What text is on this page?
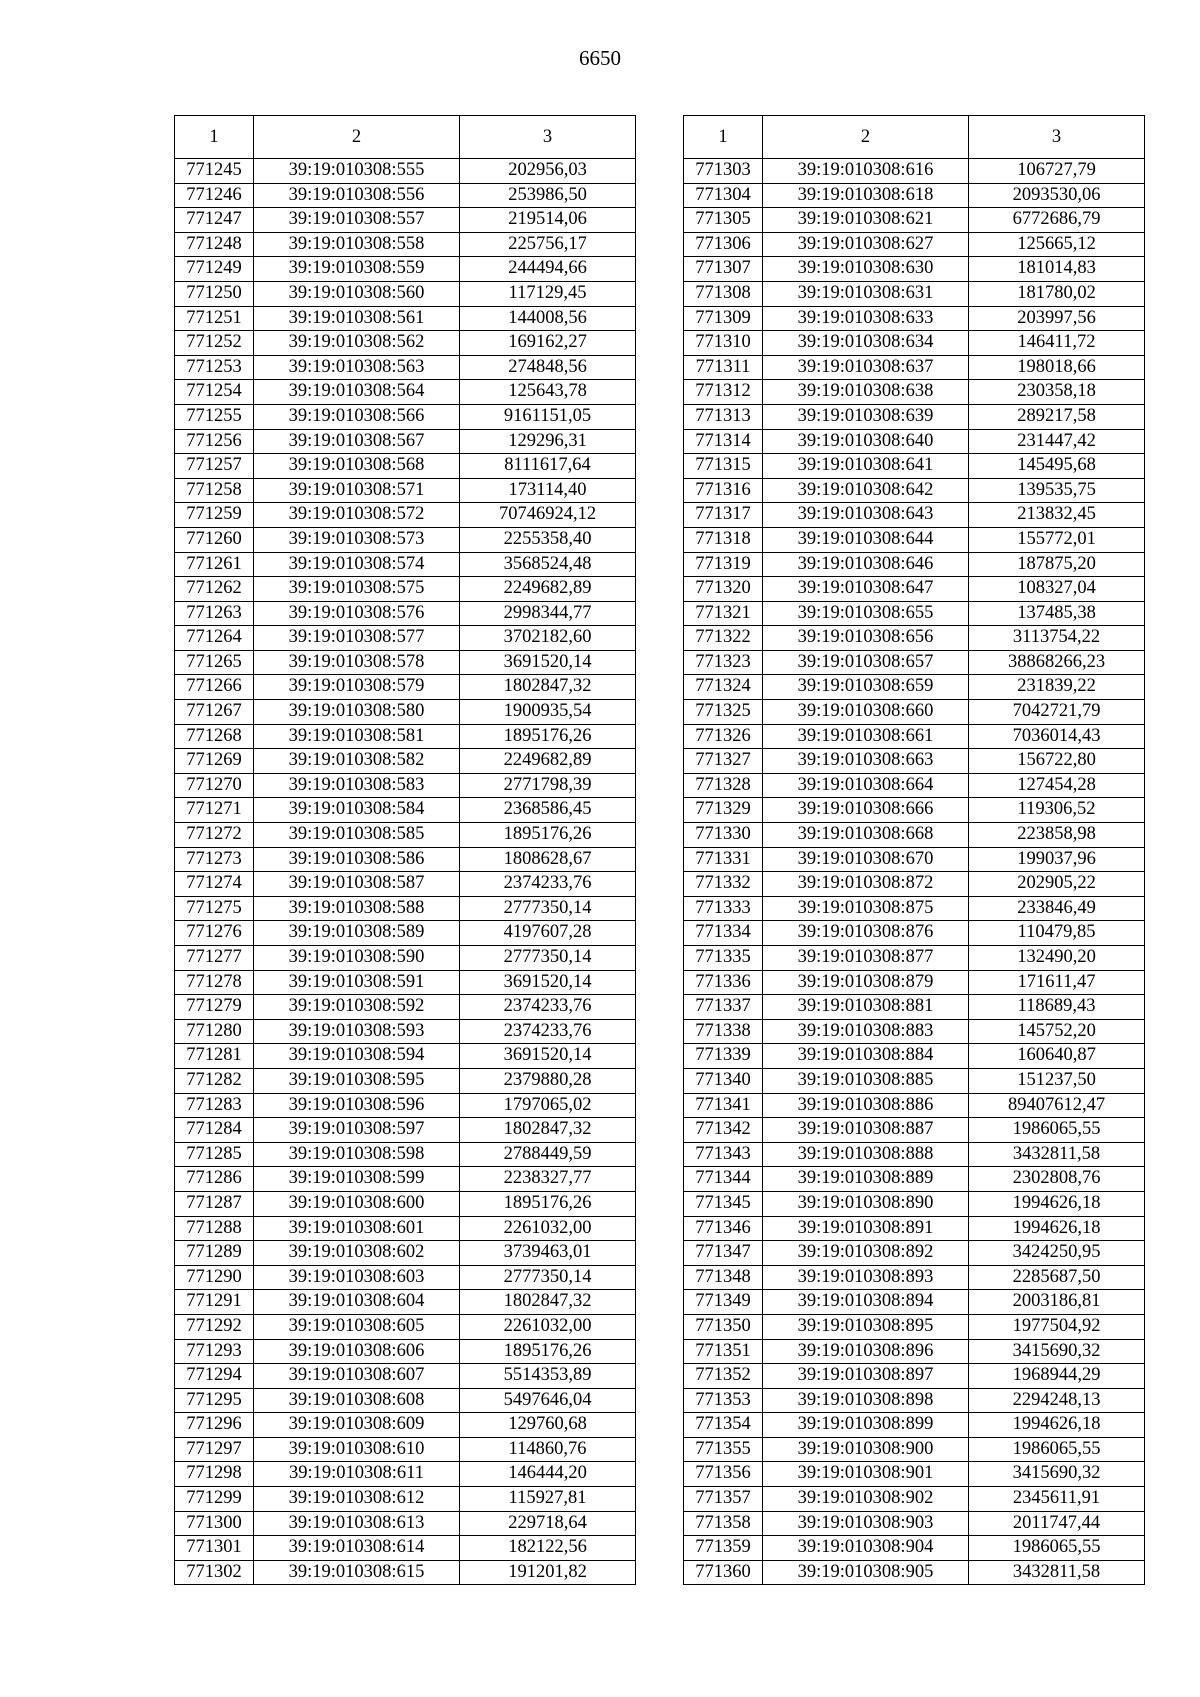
6650
1	2	3
771245	39:19:010308:555	202956,03
771246	39:19:010308:556	253986,50
771247	39:19:010308:557	219514,06
771248	39:19:010308:558	225756,17
771249	39:19:010308:559	244494,66
771250	39:19:010308:560	117129,45
771251	39:19:010308:561	144008,56
771252	39:19:010308:562	169162,27
771253	39:19:010308:563	274848,56
771254	39:19:010308:564	125643,78
771255	39:19:010308:566	9161151,05
771256	39:19:010308:567	129296,31
771257	39:19:010308:568	8111617,64
771258	39:19:010308:571	173114,40
771259	39:19:010308:572	70746924,12
771260	39:19:010308:573	2255358,40
771261	39:19:010308:574	3568524,48
771262	39:19:010308:575	2249682,89
771263	39:19:010308:576	2998344,77
771264	39:19:010308:577	3702182,60
771265	39:19:010308:578	3691520,14
771266	39:19:010308:579	1802847,32
771267	39:19:010308:580	1900935,54
771268	39:19:010308:581	1895176,26
771269	39:19:010308:582	2249682,89
771270	39:19:010308:583	2771798,39
771271	39:19:010308:584	2368586,45
771272	39:19:010308:585	1895176,26
771273	39:19:010308:586	1808628,67
771274	39:19:010308:587	2374233,76
771275	39:19:010308:588	2777350,14
771276	39:19:010308:589	4197607,28
771277	39:19:010308:590	2777350,14
771278	39:19:010308:591	3691520,14
771279	39:19:010308:592	2374233,76
771280	39:19:010308:593	2374233,76
771281	39:19:010308:594	3691520,14
771282	39:19:010308:595	2379880,28
771283	39:19:010308:596	1797065,02
771284	39:19:010308:597	1802847,32
771285	39:19:010308:598	2788449,59
771286	39:19:010308:599	2238327,77
771287	39:19:010308:600	1895176,26
771288	39:19:010308:601	2261032,00
771289	39:19:010308:602	3739463,01
771290	39:19:010308:603	2777350,14
771291	39:19:010308:604	1802847,32
771292	39:19:010308:605	2261032,00
771293	39:19:010308:606	1895176,26
771294	39:19:010308:607	5514353,89
771295	39:19:010308:608	5497646,04
771296	39:19:010308:609	129760,68
771297	39:19:010308:610	114860,76
771298	39:19:010308:611	146444,20
771299	39:19:010308:612	115927,81
771300	39:19:010308:613	229718,64
771301	39:19:010308:614	182122,56
771302	39:19:010308:615	191201,82
1	2	3
771303	39:19:010308:616	106727,79
771304	39:19:010308:618	2093530,06
771305	39:19:010308:621	6772686,79
771306	39:19:010308:627	125665,12
771307	39:19:010308:630	181014,83
771308	39:19:010308:631	181780,02
771309	39:19:010308:633	203997,56
771310	39:19:010308:634	146411,72
771311	39:19:010308:637	198018,66
771312	39:19:010308:638	230358,18
771313	39:19:010308:639	289217,58
771314	39:19:010308:640	231447,42
771315	39:19:010308:641	145495,68
771316	39:19:010308:642	139535,75
771317	39:19:010308:643	213832,45
771318	39:19:010308:644	155772,01
771319	39:19:010308:646	187875,20
771320	39:19:010308:647	108327,04
771321	39:19:010308:655	137485,38
771322	39:19:010308:656	3113754,22
771323	39:19:010308:657	38868266,23
771324	39:19:010308:659	231839,22
771325	39:19:010308:660	7042721,79
771326	39:19:010308:661	7036014,43
771327	39:19:010308:663	156722,80
771328	39:19:010308:664	127454,28
771329	39:19:010308:666	119306,52
771330	39:19:010308:668	223858,98
771331	39:19:010308:670	199037,96
771332	39:19:010308:872	202905,22
771333	39:19:010308:875	233846,49
771334	39:19:010308:876	110479,85
771335	39:19:010308:877	132490,20
771336	39:19:010308:879	171611,47
771337	39:19:010308:881	118689,43
771338	39:19:010308:883	145752,20
771339	39:19:010308:884	160640,87
771340	39:19:010308:885	151237,50
771341	39:19:010308:886	89407612,47
771342	39:19:010308:887	1986065,55
771343	39:19:010308:888	3432811,58
771344	39:19:010308:889	2302808,76
771345	39:19:010308:890	1994626,18
771346	39:19:010308:891	1994626,18
771347	39:19:010308:892	3424250,95
771348	39:19:010308:893	2285687,50
771349	39:19:010308:894	2003186,81
771350	39:19:010308:895	1977504,92
771351	39:19:010308:896	3415690,32
771352	39:19:010308:897	1968944,29
771353	39:19:010308:898	2294248,13
771354	39:19:010308:899	1994626,18
771355	39:19:010308:900	1986065,55
771356	39:19:010308:901	3415690,32
771357	39:19:010308:902	2345611,91
771358	39:19:010308:903	2011747,44
771359	39:19:010308:904	1986065,55
771360	39:19:010308:905	3432811,58
